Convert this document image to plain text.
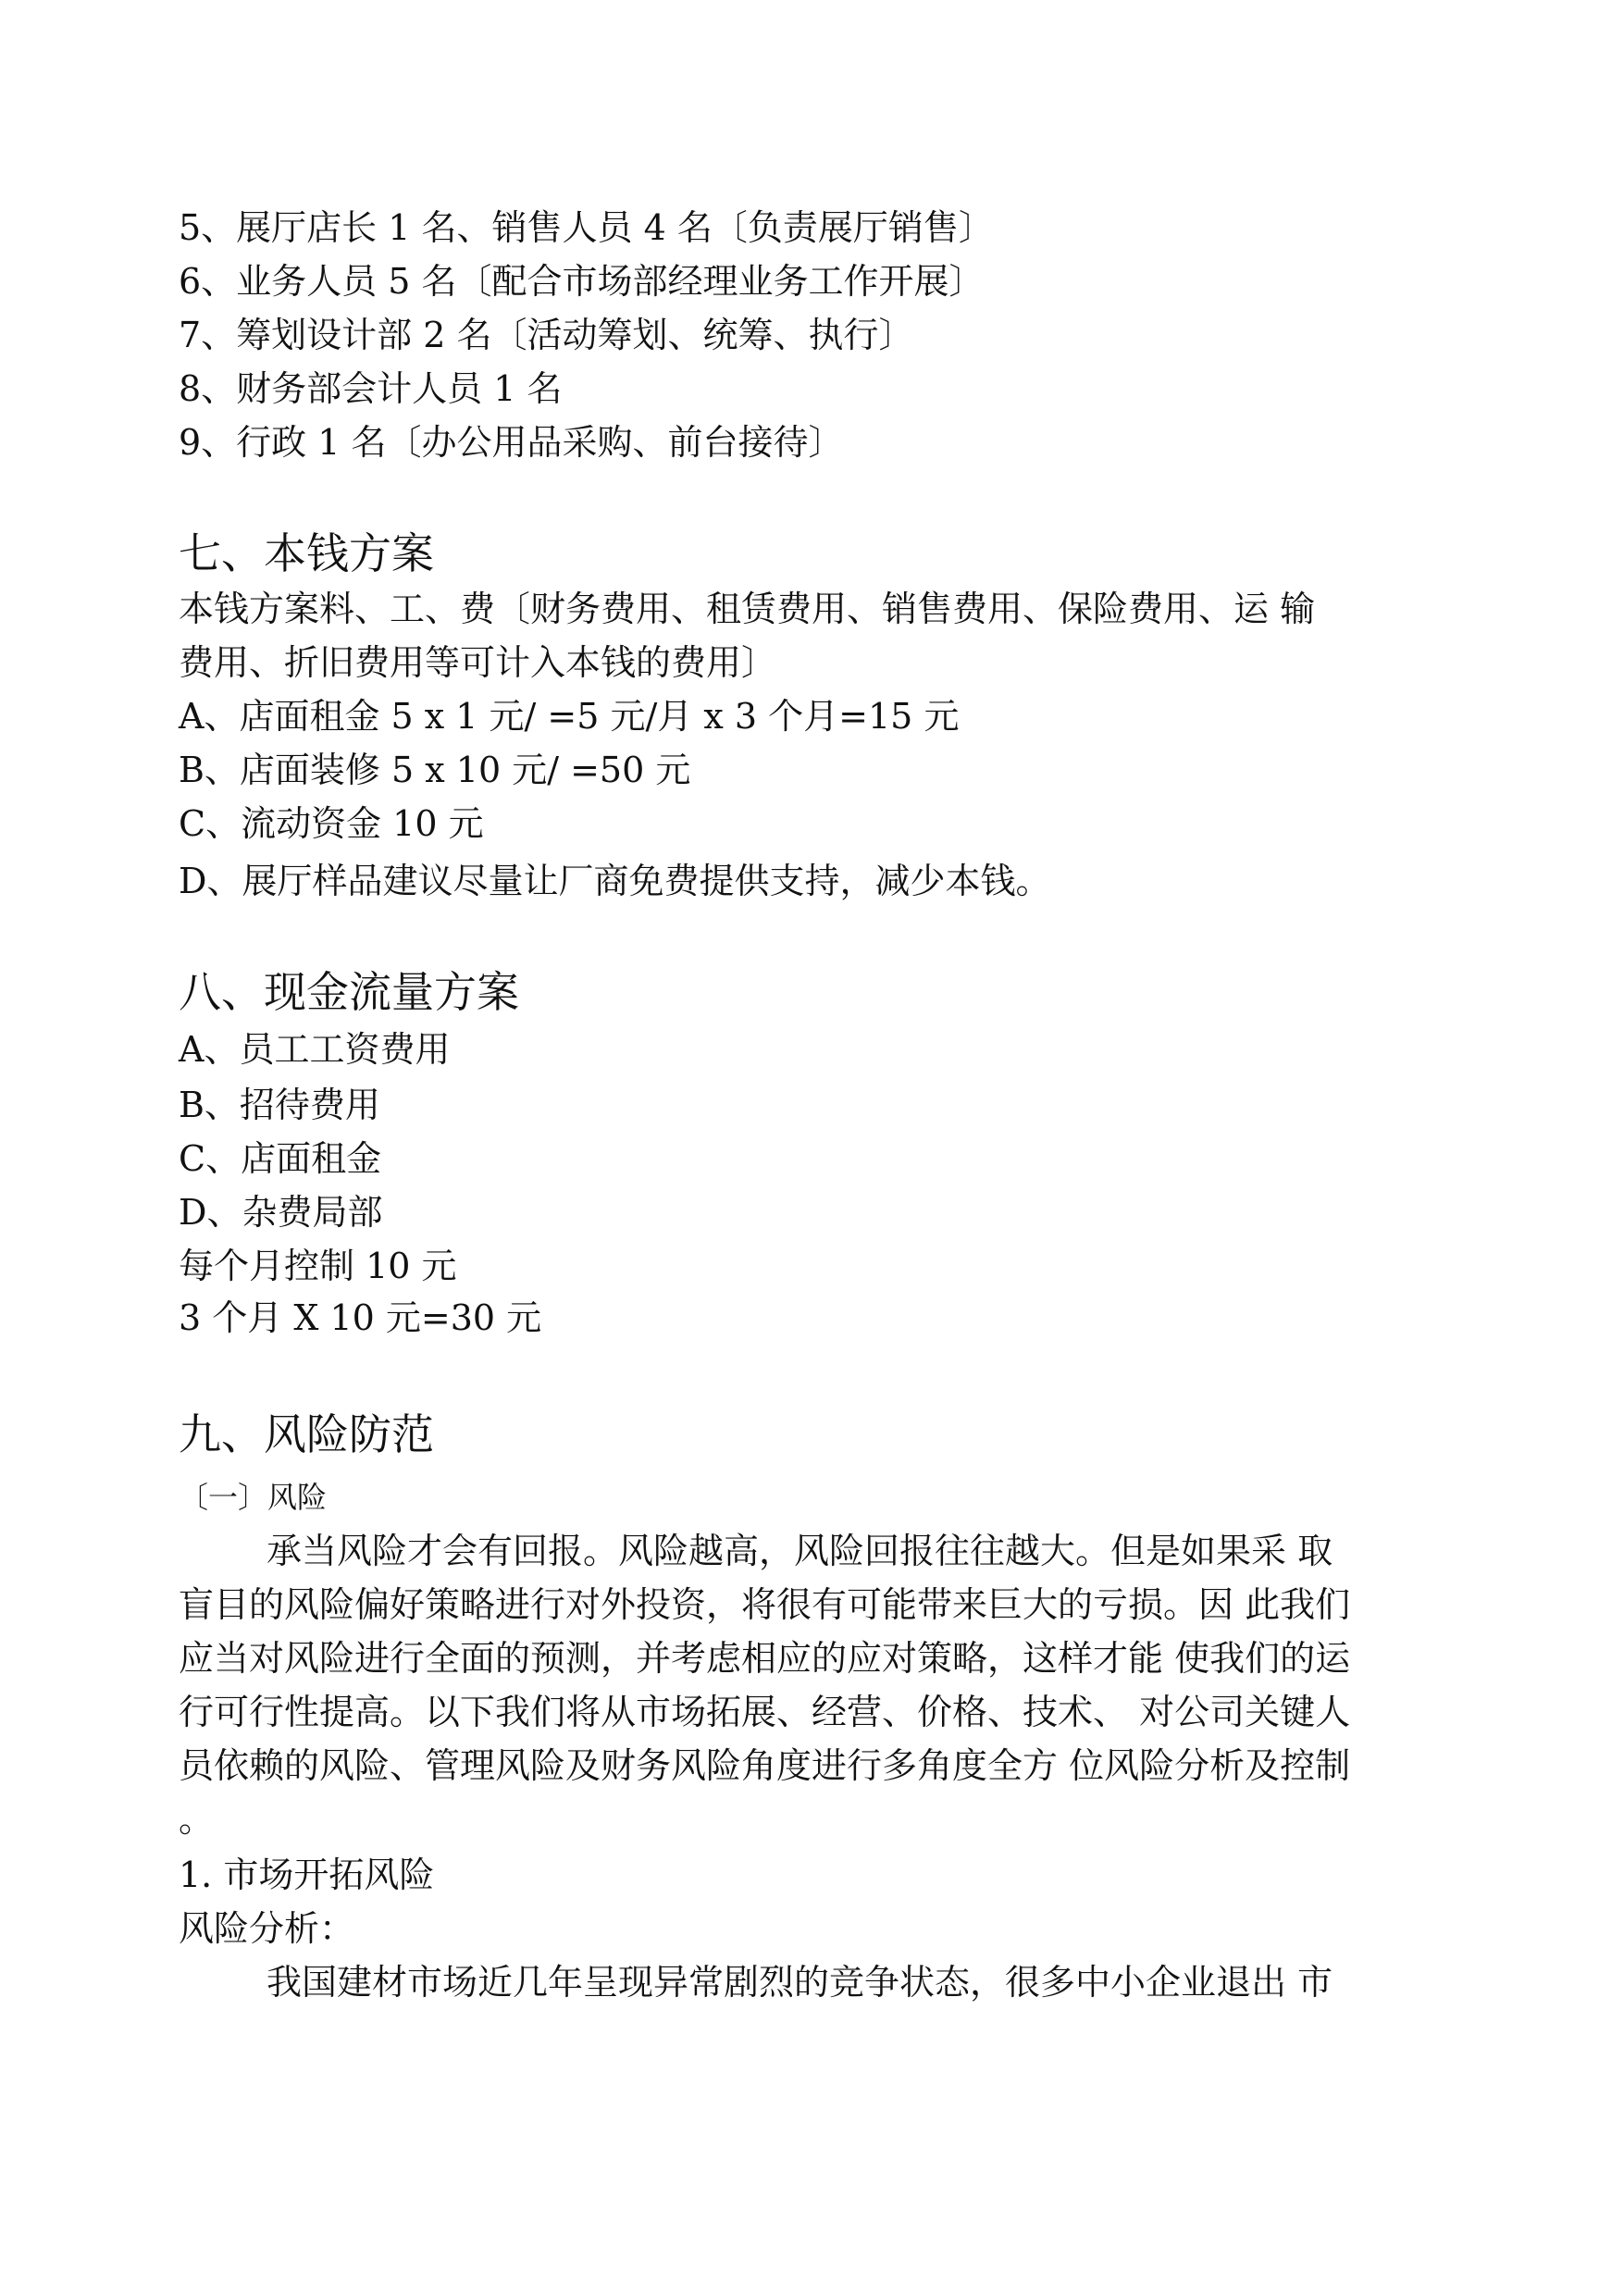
5、展厅店长 1 名、销售人员 4 名〔负责展厅销售〕
6、业务人员 5 名〔配合市场部经理业务工作开展〕
7、筹划设计部 2 名〔活动筹划、统筹、执行〕
8、财务部会计人员 1 名
9、行政 1 名〔办公用品采购、前台接待〕
七、本钱方案
本钱方案料、工、费〔财务费用、租赁费用、销售费用、保险费用、运 输
费用、折旧费用等可计入本钱的费用〕
A、店面租金 5 x 1 元/ =5 元/月 x 3 个月=15 元
B、店面装修 5 x 10 元/ =50 元
C、流动资金 10 元
D、展厅样品建议尽量让厂商免费提供支持，减少本钱。
八、现金流量方案
A、员工工资费用
B、招待费用
C、店面租金
D、杂费局部
每个月控制 10 元
3 个月 X 10 元=30 元
九、风险防范
〔一〕风险
承当风险才会有回报。风险越高，风险回报往往越大。但是如果采 取
盲目的风险偏好策略进行对外投资，将很有可能带来巨大的亏损。因 此我们
应当对风险进行全面的预测，并考虑相应的应对策略，这样才能 使我们的运
行可行性提高。以下我们将从市场拓展、经营、价格、技术、 对公司关键人
员依赖的风险、管理风险及财务风险角度进行多角度全方 位风险分析及控制
。
1. 市场开拓风险
风险分析：
我国建材市场近几年呈现异常剧烈的竞争状态，很多中小企业退出 市
